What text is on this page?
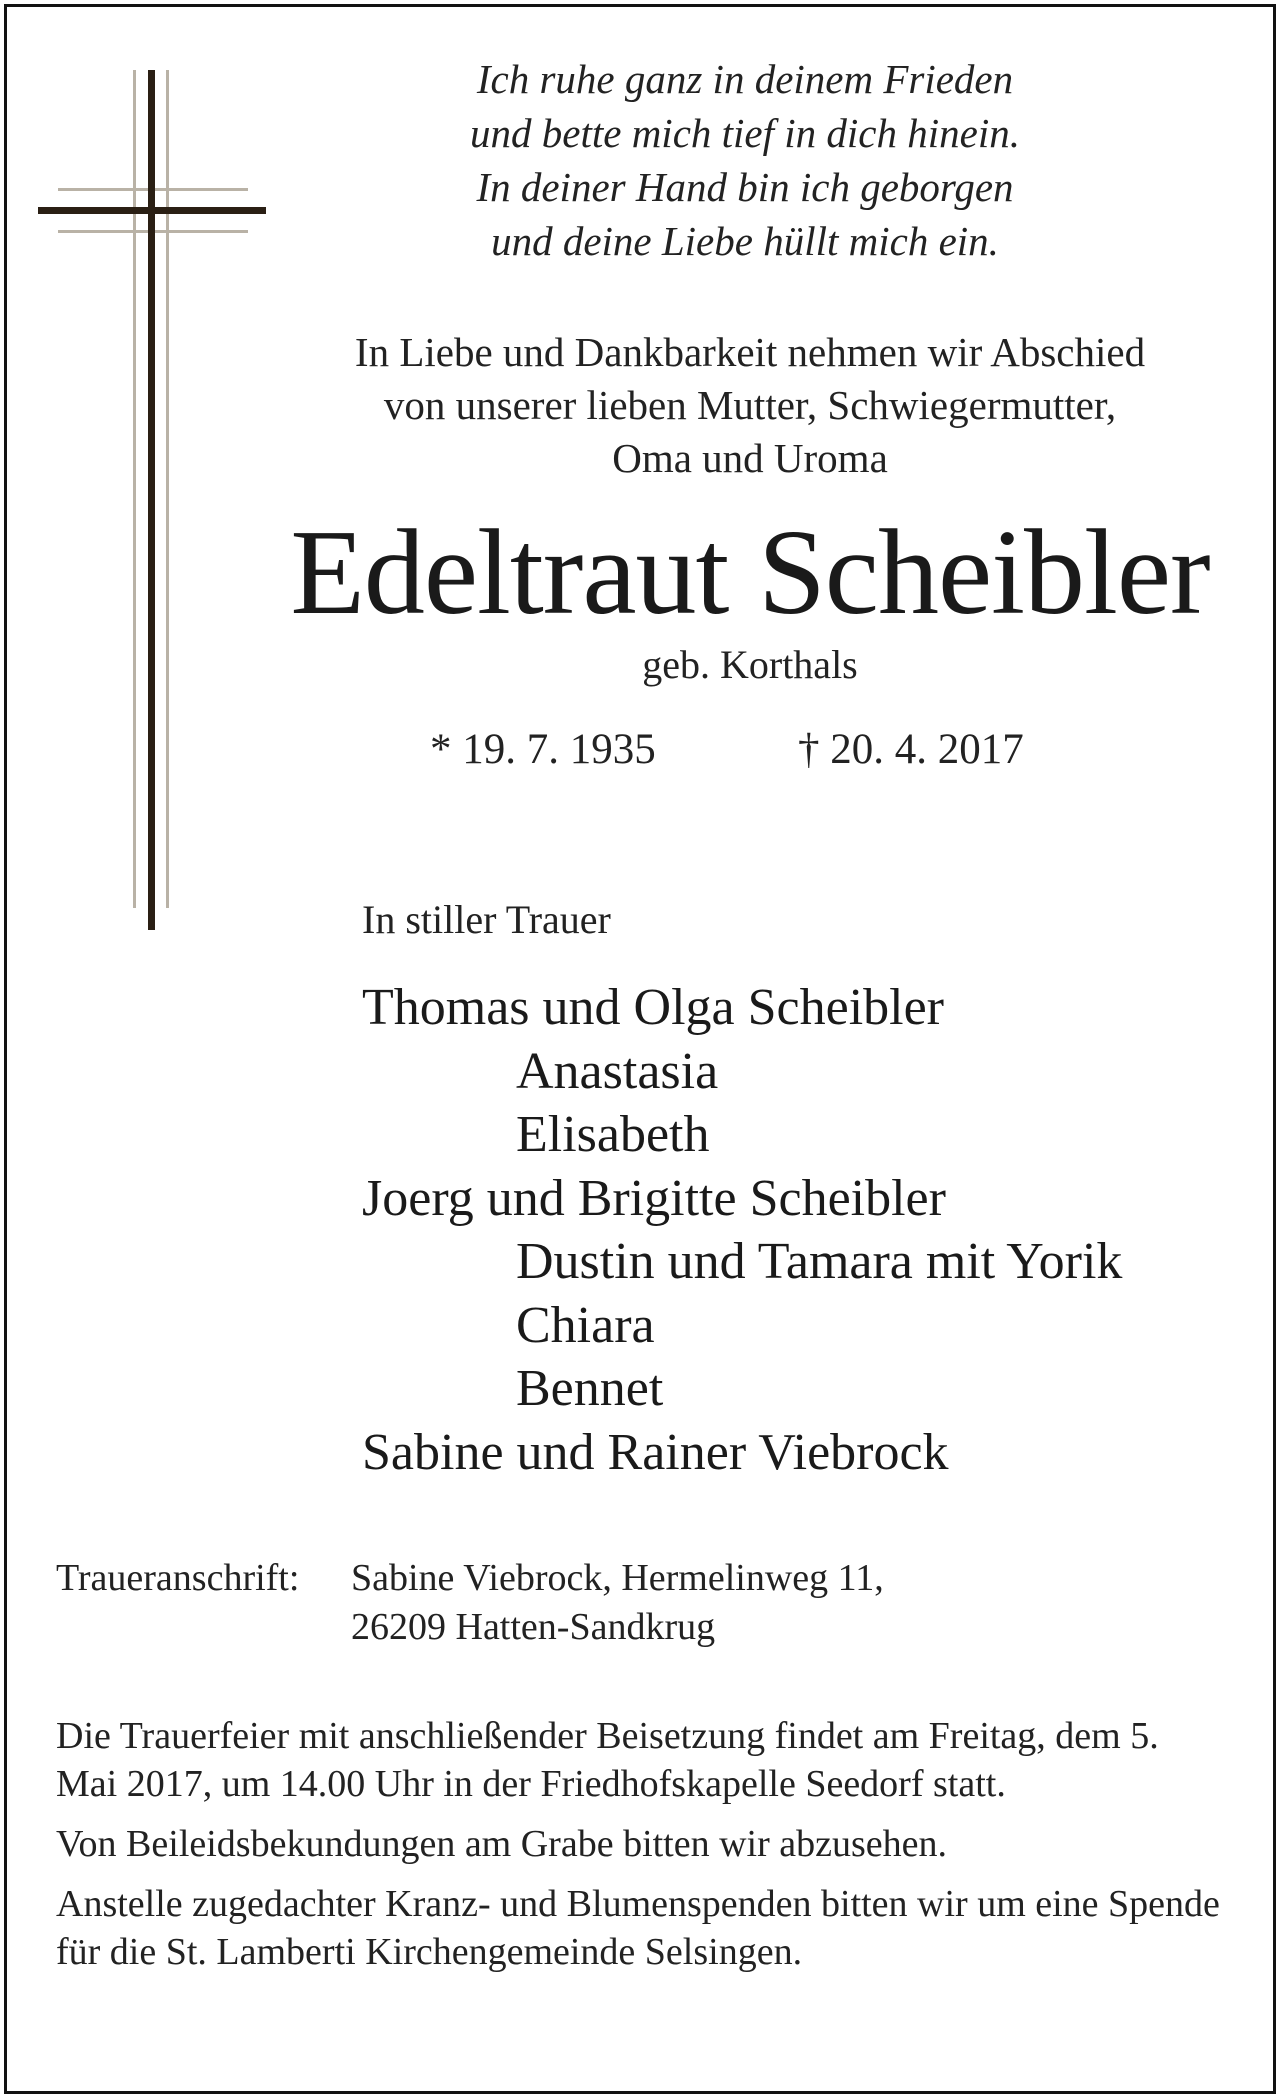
Ich ruhe ganz in deinem Frieden
und bette mich tief in dich hinein.
In deiner Hand bin ich geborgen
und deine Liebe hüllt mich ein.
In Liebe und Dankbarkeit nehmen wir Abschied
von unserer lieben Mutter, Schwiegermutter,
Oma und Uroma
Edeltraut Scheibler
geb. Korthals
* 19. 7. 1935	† 20. 4. 2017
In stiller Trauer
Thomas und Olga Scheibler
Anastasia
Elisabeth
Joerg und Brigitte Scheibler
Dustin und Tamara mit Yorik
Chiara
Bennet
Sabine und Rainer Viebrock
Traueranschrift: Sabine Viebrock, Hermelinweg 11,
26209 Hatten-Sandkrug

Die Trauerfeier mit anschließender Beisetzung findet am Freitag, dem 5. Mai 2017, um 14.00 Uhr in der Friedhofskapelle Seedorf statt.

Von Beileidsbekundungen am Grabe bitten wir abzusehen.

Anstelle zugedachter Kranz- und Blumenspenden bitten wir um eine Spende für die St. Lamberti Kirchengemeinde Selsingen.
